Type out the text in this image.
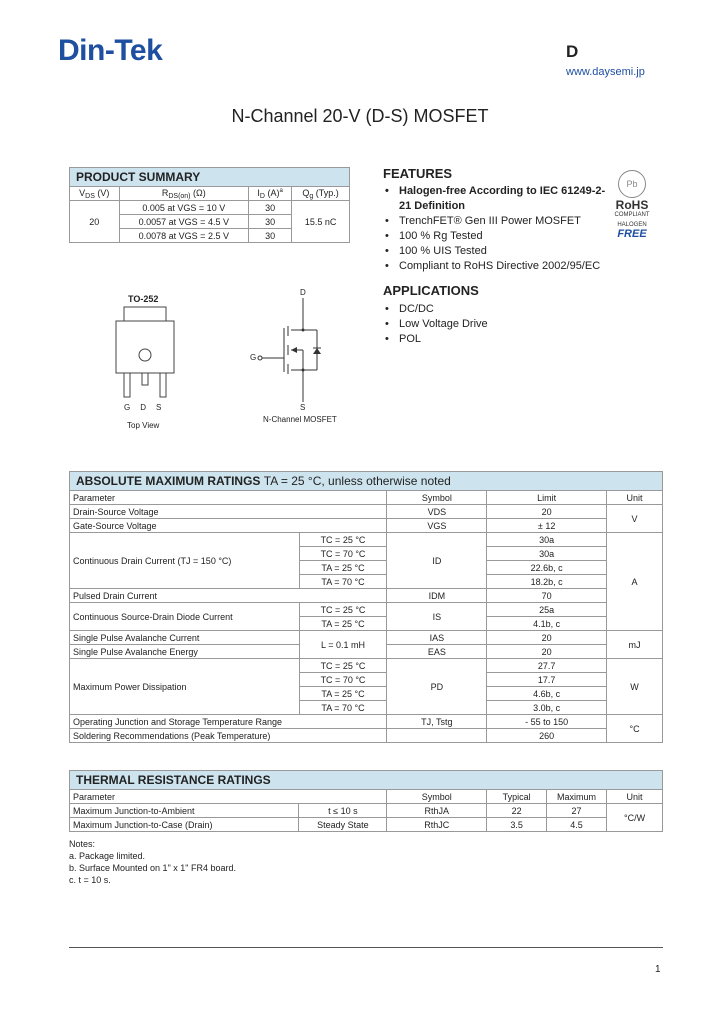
Din-Tek	D
www.daysemi.jp
N-Channel 20-V (D-S) MOSFET
PRODUCT SUMMARY			
$V_{DS}$ (V)	$R_{DS(on)}$ (Ω)	$I_D$ $(A)^a$	$Q_g$ (Typ.)
20	0.005 at VGS = 10 V	30	15.5 nC
	0.0057 at VGS = 4.5 V	30	
	0.0078 at VGS = 2.5 V	30	
FEATURES
• Halogen-free According to IEC 61249-2-21 Definition
• TrenchFET® Gen III Power MOSFET
• 100 % Rg Tested
• 100 % UIS Tested
• Compliant to RoHS Directive 2002/95/EC
APPLICATIONS
• DC/DC
• Low Voltage Drive
• POL
Pb
RoHS
COMPLIANT
HALOGEN
FREE
TO-252
GDS
Top View
D
G
S
N-Channel MOSFET
ABSOLUTE MAXIMUM RATINGS TA = 25 °C, unless otherwise noted				
Parameter		Symbol	Limit	Unit
Drain-Source Voltage		VDS	20	V
Gate-Source Voltage		VGS	± 12	
Continuous Drain Current (TJ = 150 °C)	TC = 25 °C	ID	30a	A
	TC = 70 °C		30a	
	TA = 25 °C		22.6b, c	
	TA = 70 °C		18.2b, c	
Pulsed Drain Current		IDM	70	
Continuous Source-Drain Diode Current	TC = 25 °C	IS	25a	
	TA = 25 °C		4.1b, c	
Single Pulse Avalanche Current	L = 0.1 mH	IAS	20	mJ
Single Pulse Avalanche Energy		EAS	20	
Maximum Power Dissipation	TC = 25 °C	PD	27.7	W
	TC = 70 °C		17.7	
	TA = 25 °C		4.6b, c	
	TA = 70 °C		3.0b, c	
Operating Junction and Storage Temperature Range		TJ, Tstg	- 55 to 150	°C
Soldering Recommendations (Peak Temperature)			260	
THERMAL RESISTANCE RATINGS					
Parameter		Symbol	Typical	Maximum	Unit
Maximum Junction-to-Ambient	t ≤ 10 s	RthJA	22	27	°C/W
Maximum Junction-to-Case (Drain)	Steady State	RthJC	3.5	4.5	
Notes:
a. Package limited.
b. Surface Mounted on 1" x 1" FR4 board.
c. t = 10 s.
1
